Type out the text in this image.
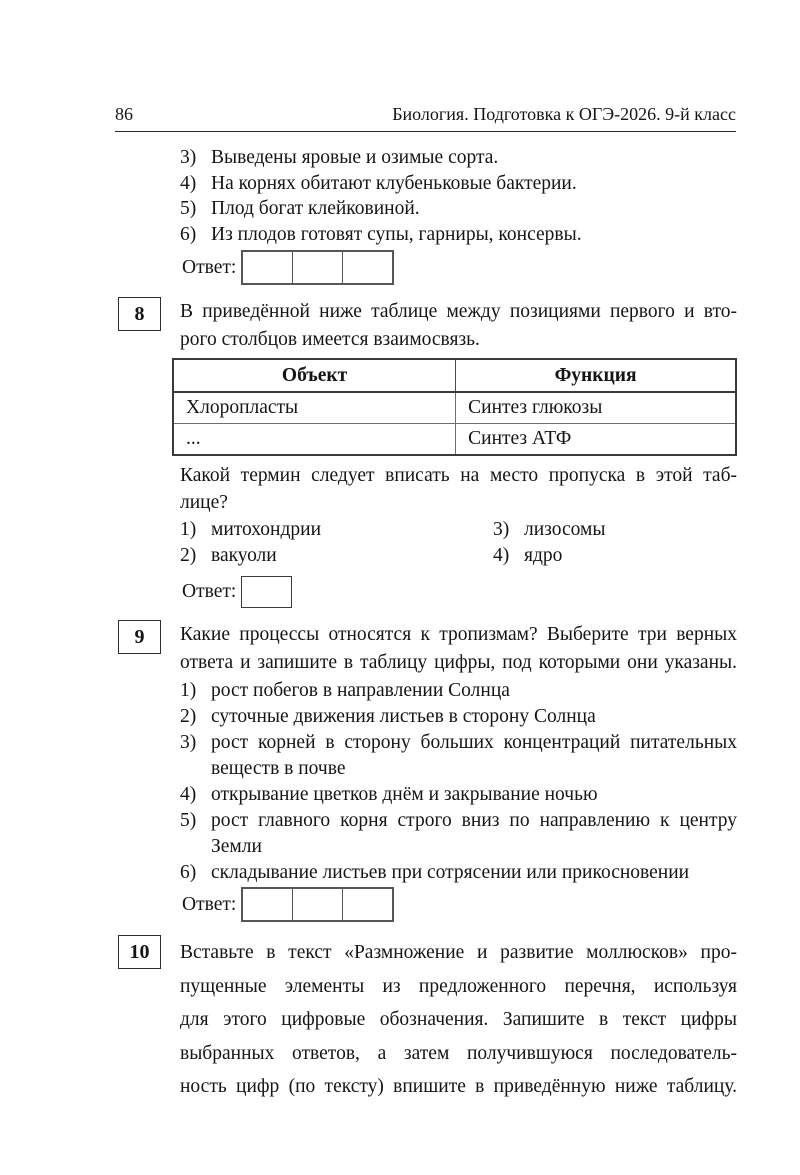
86	Биология. Подготовка к ОГЭ-2026. 9-й класс
3) Выведены яровые и озимые сорта.
4) На корнях обитают клубеньковые бактерии.
5) Плод богат клейковиной.
6) Из плодов готовят супы, гарниры, консервы.
Ответ:
8	В приведённой ниже таблице между позициями первого и вто-
рого столбцов имеется взаимосвязь.
Объект	Функция
Хлоропласты	Синтез глюкозы
...	Синтез АТФ
Какой термин следует вписать на место пропуска в этой таб-
лице?
1) митохондрии	3) лизосомы
2) вакуоли	4) ядро
Ответ:
9	Какие процессы относятся к тропизмам? Выберите три верных
ответа и запишите в таблицу цифры, под которыми они указаны.
1) рост побегов в направлении Солнца
2) суточные движения листьев в сторону Солнца
3) рост корней в сторону больших концентраций питательных
веществ в почве
4) открывание цветков днём и закрывание ночью
5) рост главного корня строго вниз по направлению к центру
Земли
6) складывание листьев при сотрясении или прикосновении
Ответ:
10	Вставьте в текст «Размножение и развитие моллюсков» про-
пущенные элементы из предложенного перечня, используя
для этого цифровые обозначения. Запишите в текст цифры
выбранных ответов, а затем получившуюся последователь-
ность цифр (по тексту) впишите в приведённую ниже таблицу.
